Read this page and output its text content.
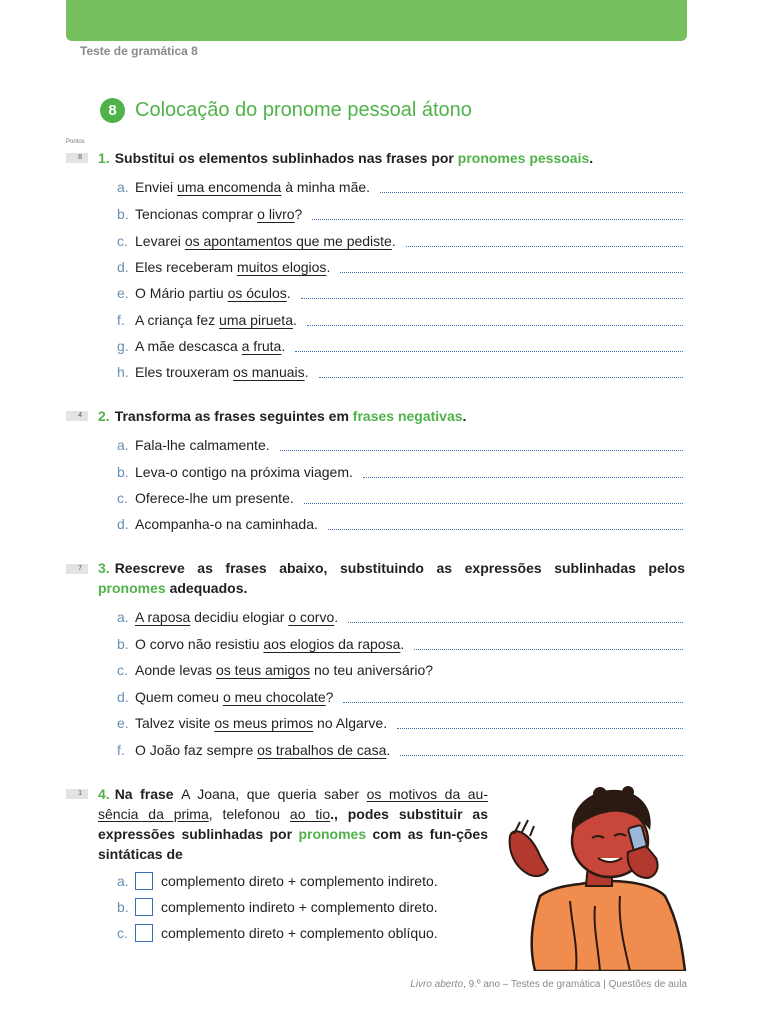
Teste de gramática 8
8 Colocação do pronome pessoal átono
Pontos
8	1. Substitui os elementos sublinhados nas frases por pronomes pessoais.
a. Enviei uma encomenda à minha mãe.
b. Tencionas comprar o livro?
c. Levarei os apontamentos que me pediste.
d. Eles receberam muitos elogios.
e. O Mário partiu os óculos.
f. A criança fez uma pirueta.
g. A mãe descasca a fruta.
h. Eles trouxeram os manuais.
4	2. Transforma as frases seguintes em frases negativas.
a. Fala-lhe calmamente.
b. Leva-o contigo na próxima viagem.
c. Oferece-lhe um presente.
d. Acompanha-o na caminhada.
7	3. Reescreve as frases abaixo, substituindo as expressões sublinhadas pelos pronomes adequados.
a. A raposa decidiu elogiar o corvo.
b. O corvo não resistiu aos elogios da raposa.
c. Aonde levas os teus amigos no teu aniversário?
d. Quem comeu o meu chocolate?
e. Talvez visite os meus primos no Algarve.
f. O João faz sempre os trabalhos de casa.
1	4. Na frase A Joana, que queria saber os motivos da au- sência da prima, telefonou ao tio., podes substituir as expressões sublinhadas por pronomes com as fun-ções sintáticas de
a.	complemento direto + complemento indireto.
b.	complemento indireto + complemento direto.
c.	complemento direto + complemento oblíquo.
Livro aberto, 9.º ano – Testes de gramática | Questões de aula
